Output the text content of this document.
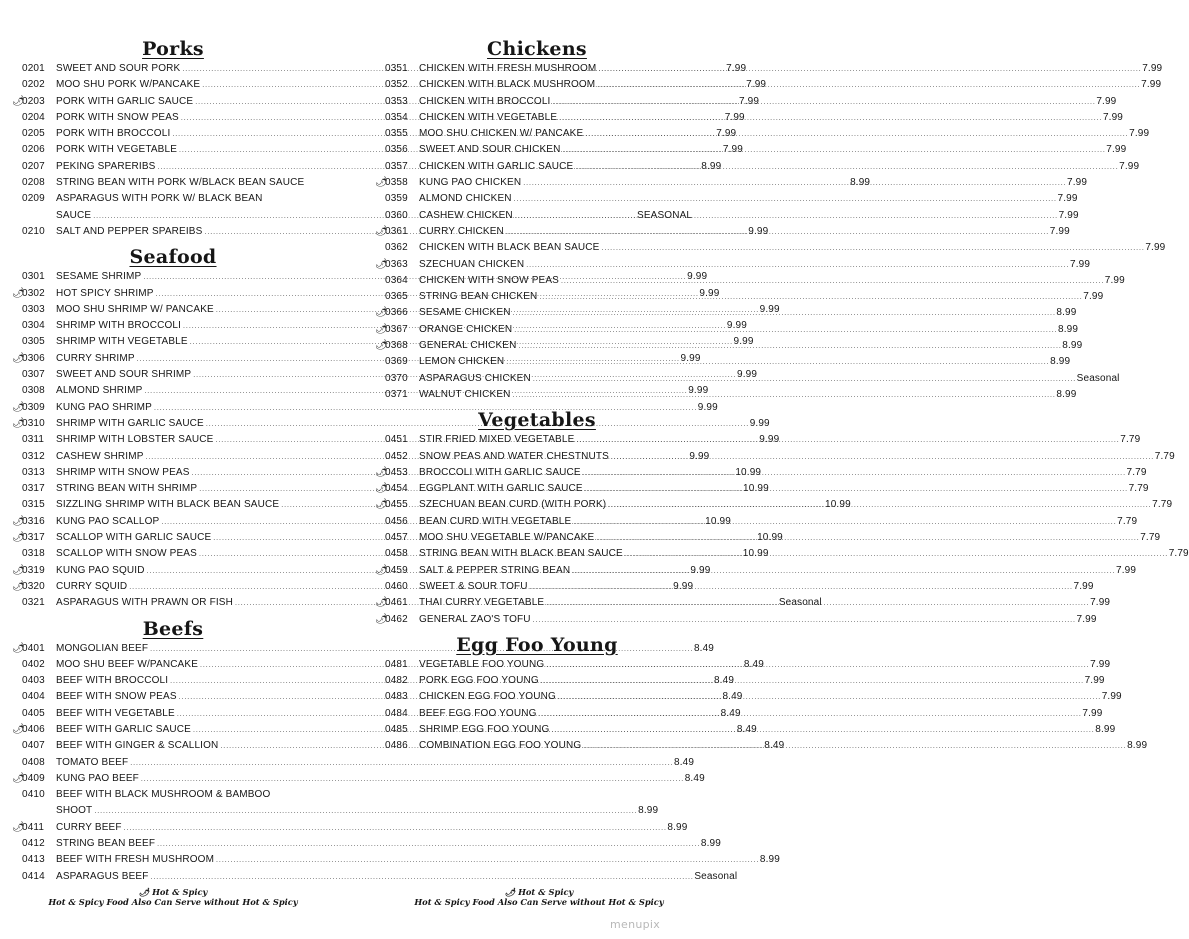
Porks
0201	SWEET AND SOUR PORK . . .	7.99
0202	MOO SHU PORK W/PANCAKE . . .	7.99
🌶
0203	PORK WITH GARLIC SAUCE . . .	7.99
0204	PORK WITH SNOW PEAS . . .	7.99
0205	PORK WITH BROCCOLI . . .	7.99
0206	PORK WITH VEGETABLE . . .	7.99
0207	PEKING SPARERIBS . . .	8.99
0208	STRING BEAN WITH PORK W/BLACK BEAN SAUCE	8.99
0209	ASPARAGUS WITH PORK W/ BLACK BEAN
SAUCE . . .	SEASONAL
0210	SALT AND PEPPER SPAREIBS . . .	9.99
Seafood
0301	SESAME SHRIMP . . .	9.99
🌶
0302	HOT SPICY SHRIMP . . .	9.99
0303	MOO SHU SHRIMP W/ PANCAKE . . .	9.99
0304	SHRIMP WITH BROCCOLI . . .	9.99
0305	SHRIMP WITH VEGETABLE . . .	9.99
🌶
0306	CURRY SHRIMP . . .	9.99
0307	SWEET AND SOUR SHRIMP . . .	9.99
0308	ALMOND SHRIMP . . .	9.99
🌶
0309	KUNG PAO SHRIMP . . .	9.99
🌶
0310	SHRIMP WITH GARLIC SAUCE . . .	9.99
0311	SHRIMP WITH LOBSTER SAUCE . . .	9.99
0312	CASHEW SHRIMP . . .	9.99
0313	SHRIMP WITH SNOW PEAS . . .	10.99
0317	STRING BEAN WITH SHRIMP . . .	10.99
0315	SIZZLING SHRIMP WITH BLACK BEAN SAUCE . . .	10.99
🌶
0316	KUNG PAO SCALLOP . . .	10.99
🌶
0317	SCALLOP WITH GARLIC SAUCE . . .	10.99
0318	SCALLOP WITH SNOW PEAS . . .	10.99
🌶
0319	KUNG PAO SQUID . . .	9.99
🌶
0320	CURRY SQUID . . .	9.99
0321	ASPARAGUS WITH PRAWN OR FISH . . .	Seasonal
Beefs
🌶
0401	MONGOLIAN BEEF . . .	8.49
0402	MOO SHU BEEF W/PANCAKE . . .	8.49
0403	BEEF WITH BROCCOLI . . .	8.49
0404	BEEF WITH SNOW PEAS . . .	8.49
0405	BEEF WITH VEGETABLE . . .	8.49
🌶
0406	BEEF WITH GARLIC SAUCE . . .	8.49
0407	BEEF WITH GINGER & SCALLION . . .	8.49
0408	TOMATO BEEF . . .	8.49
🌶
0409	KUNG PAO BEEF . . .	8.49
0410	BEEF WITH BLACK MUSHROOM & BAMBOO
SHOOT . . .	8.99
🌶
0411	CURRY BEEF . . .	8.99
0412	STRING BEAN BEEF . . .	8.99
0413	BEEF WITH FRESH MUSHROOM . . .	8.99
0414	ASPARAGUS BEEF . . .	Seasonal
Chickens
0351	CHICKEN WITH FRESH MUSHROOM . . .	7.99
0352	CHICKEN WITH BLACK MUSHROOM . . .	7.99
0353	CHICKEN WITH BROCCOLI . . .	7.99
0354	CHICKEN WITH VEGETABLE . . .	7.99
0355	MOO SHU CHICKEN W/ PANCAKE . . .	7.99
0356	SWEET AND SOUR CHICKEN . . .	7.99
0357	CHICKEN WITH GARLIC SAUCE . . .	7.99
🌶
0358	KUNG PAO CHICKEN . . .	7.99
0359	ALMOND CHICKEN . . .	7.99
0360	CASHEW CHICKEN . . .	7.99
🌶
0361	CURRY CHICKEN . . .	7.99
0362	CHICKEN WITH BLACK BEAN SAUCE . . .	7.99
🌶
0363	SZECHUAN CHICKEN . . .	7.99
0364	CHICKEN WITH SNOW PEAS . . .	7.99
0365	STRING BEAN CHICKEN . . .	7.99
🌶
0366	SESAME CHICKEN . . .	8.99
🌶
0367	ORANGE CHICKEN . . .	8.99
🌶
0368	GENERAL CHICKEN . . .	8.99
0369	LEMON CHICKEN . . .	8.99
0370	ASPARAGUS CHICKEN . . .	Seasonal
0371	WALNUT CHICKEN . . .	8.99
Vegetables
0451	STIR FRIED MIXED VEGETABLE . . .	7.79
0452	SNOW PEAS AND WATER CHESTNUTS . . .	7.79
🌶
0453	BROCCOLI WITH GARLIC SAUCE . . .	7.79
🌶
0454	EGGPLANT WITH GARLIC SAUCE . . .	7.79
🌶
0455	SZECHUAN BEAN CURD (WITH PORK) . . .	7.79
0456	BEAN CURD WITH VEGETABLE . . .	7.79
0457	MOO SHU VEGETABLE W/PANCAKE . . .	7.79
0458	STRING BEAN WITH BLACK BEAN SAUCE . . .	7.79
🌶
0459	SALT & PEPPER STRING BEAN . . .	7.99
0460	SWEET & SOUR TOFU . . .	7.99
🌶
0461	THAI CURRY VEGETABLE . . .	7.99
🌶
0462	GENERAL ZAO'S TOFU . . .	7.99
Egg Foo Young
0481	VEGETABLE FOO YOUNG . . .	7.99
0482	PORK EGG FOO YOUNG . . .	7.99
0483	CHICKEN EGG FOO YOUNG . . .	7.99
0484	BEEF EGG FOO YOUNG . . .	7.99
0485	SHRIMP EGG FOO YOUNG . . .	8.99
0486	COMBINATION EGG FOO YOUNG . . .	8.99
🌶 Hot & Spicy
Hot & Spicy Food Also Can Serve without Hot & Spicy
🌶 Hot & Spicy
Hot & Spicy Food Also Can Serve without Hot & Spicy
menupix
